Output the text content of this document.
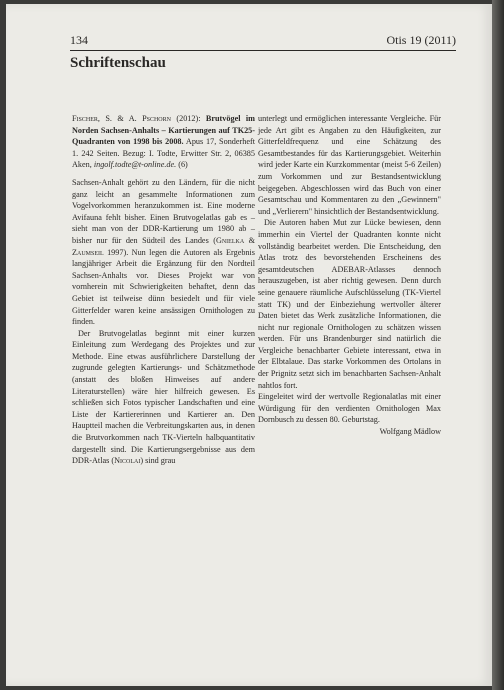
134	Otis 19 (2011)
Schriftenschau

Fischer, S. & A. Pschorn (2012): Brutvögel im Norden Sachsen-Anhalts – Kartierungen auf TK25-Quadranten von 1998 bis 2008. Apus 17, Sonderheft 1. 242 Seiten. Bezug: I. Todte, Erwitter Str. 2, 06385 Aken, ingolf.todte@t-online.de. (6)

Sachsen-Anhalt gehört zu den Ländern, für die nicht ganz leicht an gesammelte Informationen zum Vogelvorkommen heranzukommen ist. Eine moderne Avifauna fehlt bisher. Einen Brutvogelatlas gab es – sieht man von der DDR-Kartierung um 1980 ab – bisher nur für den Südteil des Landes (Gnielka & Zaumseil 1997). Nun legen die Autoren als Ergebnis langjähriger Arbeit die Ergänzung für den Nordteil Sachsen-Anhalts vor. Dieses Projekt war von vornherein mit Schwierigkeiten behaftet, denn das Gebiet ist teilweise dünn besiedelt und für viele Gitterfelder waren keine ansässigen Ornithologen zu finden.

Der Brutvogelatlas beginnt mit einer kurzen Einleitung zum Werdegang des Projektes und zur Methode. Eine etwas ausführlichere Darstellung der zugrunde gelegten Kartierungs- und Schätzmethode (anstatt des bloßen Hinweises auf andere Literaturstellen) wäre hier hilfreich gewesen. Es schließen sich Fotos typischer Landschaften und eine Liste der Kartiererinnen und Kartierer an. Den Hauptteil machen die Verbreitungskarten aus, in denen die Brutvorkommen nach TK-Vierteln halbquantitativ dargestellt sind. Die Kartierungsergebnisse aus dem DDR-Atlas (Nicolai) sind grau

unterlegt und ermöglichen interessante Vergleiche. Für jede Art gibt es Angaben zu den Häufigkeiten, zur Gitterfeldfrequenz und eine Schätzung des Gesamtbestandes für das Kartierungsgebiet. Weiterhin wird jeder Karte ein Kurzkommentar (meist 5-6 Zeilen) zum Vorkommen und zur Bestandsentwicklung beigegeben. Abgeschlossen wird das Buch von einer Gesamtschau und Kommentaren zu den „Gewinnern" und „Verlierern" hinsichtlich der Bestandsentwicklung.

Die Autoren haben Mut zur Lücke bewiesen, denn immerhin ein Viertel der Quadranten konnte nicht vollständig bearbeitet werden. Die Entscheidung, den Atlas trotz des bevorstehenden Erscheinens des gesamtdeutschen ADEBAR-Atlasses dennoch herauszugeben, ist aber richtig gewesen. Denn durch seine genauere räumliche Aufschlüsselung (TK-Viertel statt TK) und der Einbeziehung wertvoller älterer Daten bietet das Werk zusätzliche Informationen, die nicht nur regionale Ornithologen zu schätzen wissen werden. Für uns Brandenburger sind natürlich die Vergleiche benachbarter Gebiete interessant, etwa in der Elbtalaue. Das starke Vorkommen des Ortolans in der Prignitz setzt sich im benachbarten Sachsen-Anhalt nahtlos fort.

Eingeleitet wird der wertvolle Regionalatlas mit einer Würdigung für den verdienten Ornithologen Max Dornbusch zu dessen 80. Geburtstag.

Wolfgang Mädlow
